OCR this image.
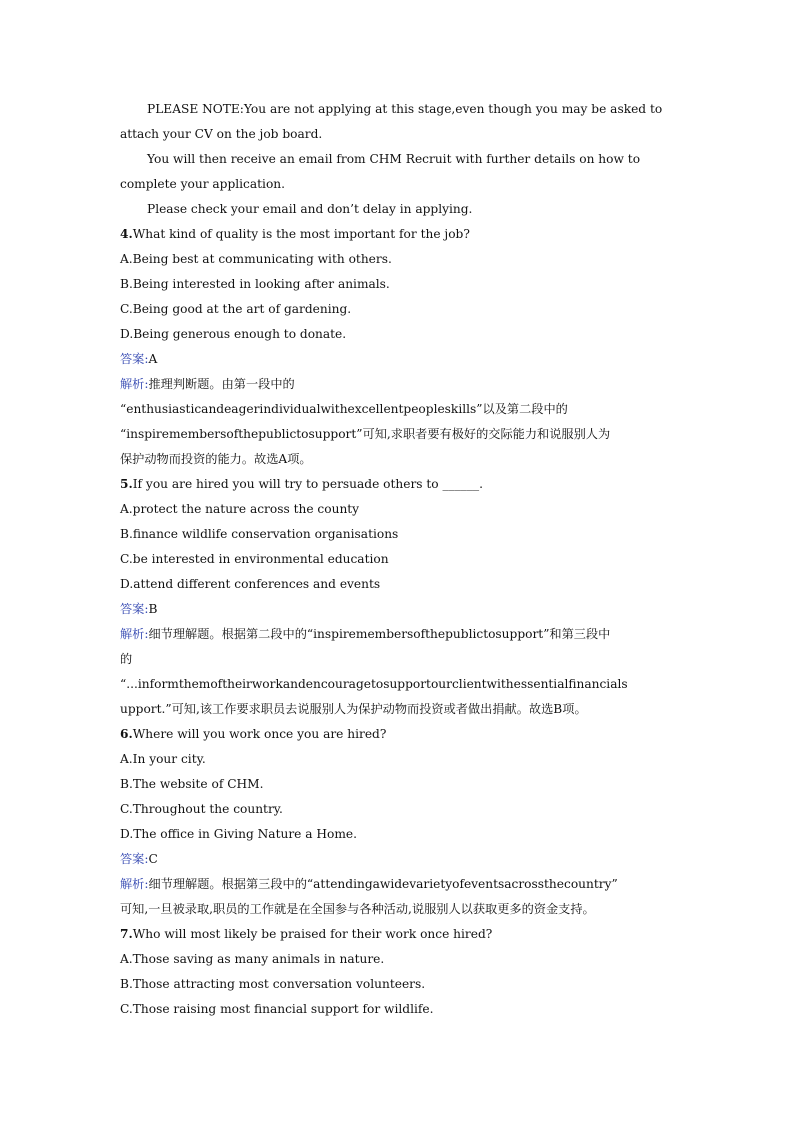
PLEASE NOTE:You are not applying at this stage,even though you may be asked to
attach your CV on the job board.
You will then receive an email from CHM Recruit with further details on how to
complete your application.
Please check your email and don’t delay in applying.
4.What kind of quality is the most important for the job?
A.Being best at communicating with others.
B.Being interested in looking after animals.
C.Being good at the art of gardening.
D.Being generous enough to donate.
答案:A
解析:推理判断题。由第一段中的
“enthusiasticandeagerindividualwithexcellentpeopleskills”以及第二段中的
“inspiremembersofthepublictosupport”可知,求职者要有极好的交际能力和说服别人为
保护动物而投资的能力。故选A项。
5.If you are hired you will try to persuade others to ______.
A.protect the nature across the county
B.finance wildlife conservation organisations
C.be interested in environmental education
D.attend different conferences and events
答案:B
解析:细节理解题。根据第二段中的“inspiremembersofthepublictosupport”和第三段中
的
“...informthemoftheirworkandencouragetosupportourclientwithessentialfinancials
upport.”可知,该工作要求职员去说服别人为保护动物而投资或者做出捐献。故选B项。
6.Where will you work once you are hired?
A.In your city.
B.The website of CHM.
C.Throughout the country.
D.The office in Giving Nature a Home.
答案:C
解析:细节理解题。根据第三段中的“attendingawidevarietyofeventsacrossthecountry”
可知,一旦被录取,职员的工作就是在全国参与各种活动,说服别人以获取更多的资金支持。
7.Who will most likely be praised for their work once hired?
A.Those saving as many animals in nature.
B.Those attracting most conversation volunteers.
C.Those raising most financial support for wildlife.
